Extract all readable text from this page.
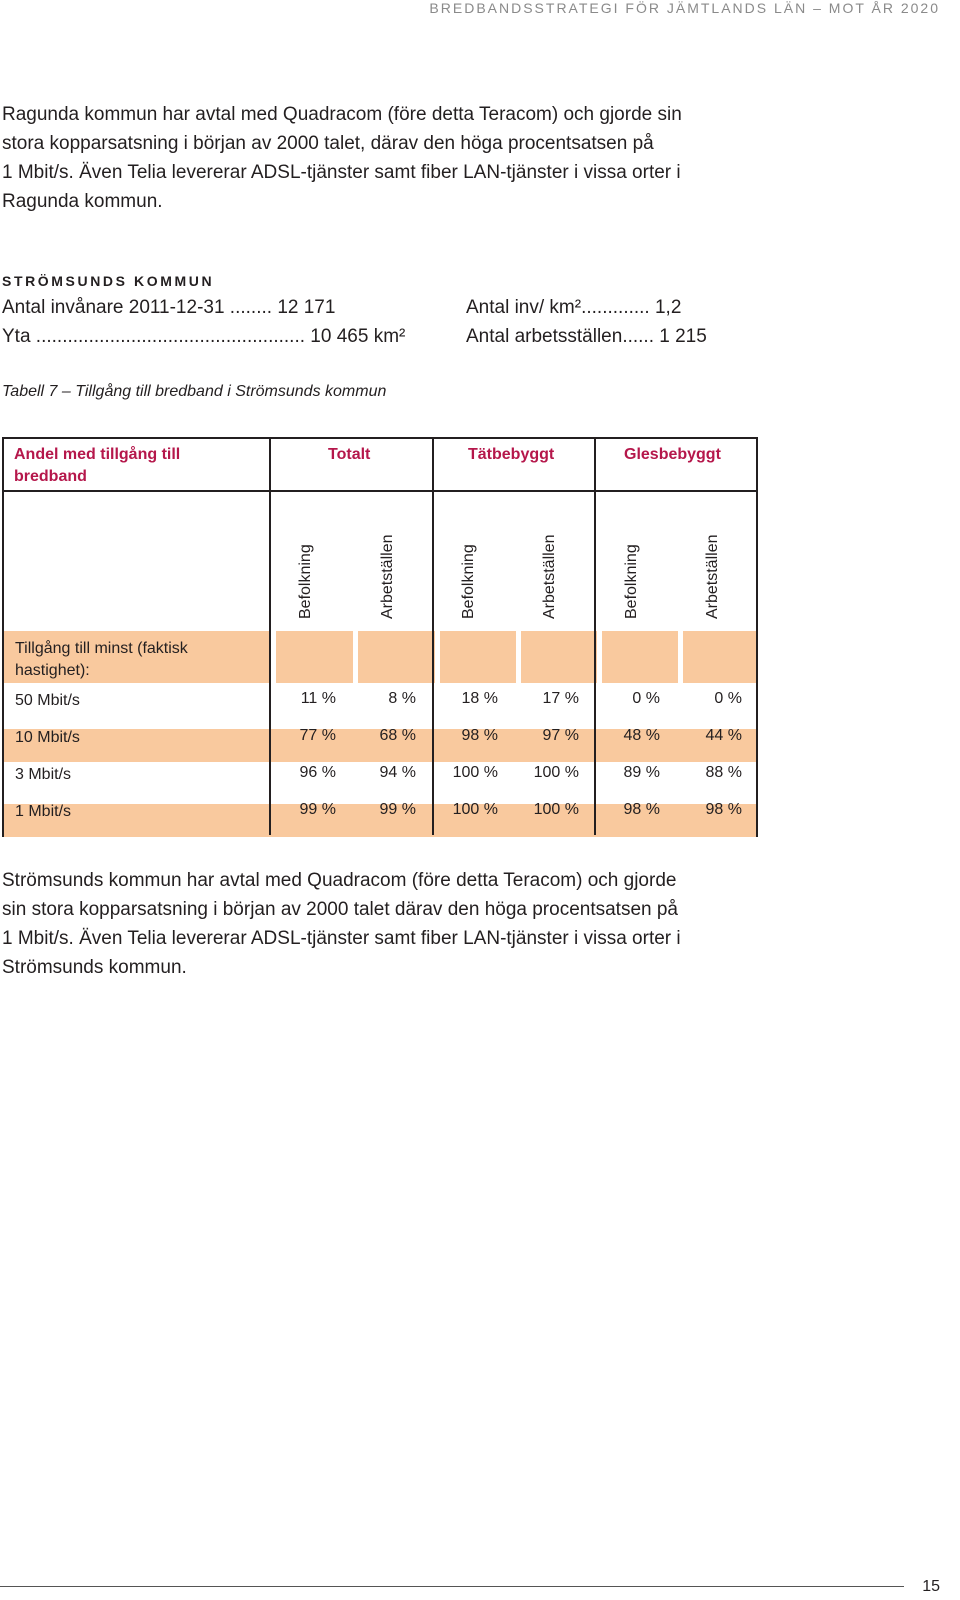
BREDBANDSSTRATEGI FÖR JÄMTLANDS LÄN – MOT ÅR 2020
Ragunda kommun har avtal med Quadracom (före detta Teracom) och gjorde sin
stora kopparsatsning i början av 2000 talet, därav den höga procentsatsen på
1 Mbit/s. Även Telia levererar ADSL-tjänster samt fiber LAN-tjänster i vissa orter i
Ragunda kommun.
STRÖMSUNDS KOMMUN
Antal invånare 2011-12-31 ........ 12 171
Yta ................................................... 10 465 km²
Antal inv/ km²............. 1,2
Antal arbetsställen...... 1 215
Tabell 7 – Tillgång till bredband i Strömsunds kommun
Andel med tillgång till bredband
Totalt	Tätbebyggt	Glesbebyggt
Befolkning	Arbetställen	Befolkning	Arbetställen	Befolkning	Arbetställen
Tillgång till minst (faktisk hastighet):
50 Mbit/s	11 %	8 %	18 %	17 %	0 %	0 %
10 Mbit/s	77 %	68 %	98 %	97 %	48 %	44 %
3 Mbit/s	96 %	94 %	100 %	100 %	89 %	88 %
1 Mbit/s	99 %	99 %	100 %	100 %	98 %	98 %
Strömsunds kommun har avtal med Quadracom (före detta Teracom) och gjorde
sin stora kopparsatsning i början av 2000 talet därav den höga procentsatsen på
1 Mbit/s. Även Telia levererar ADSL-tjänster samt fiber LAN-tjänster i vissa orter i
Strömsunds kommun.
15
